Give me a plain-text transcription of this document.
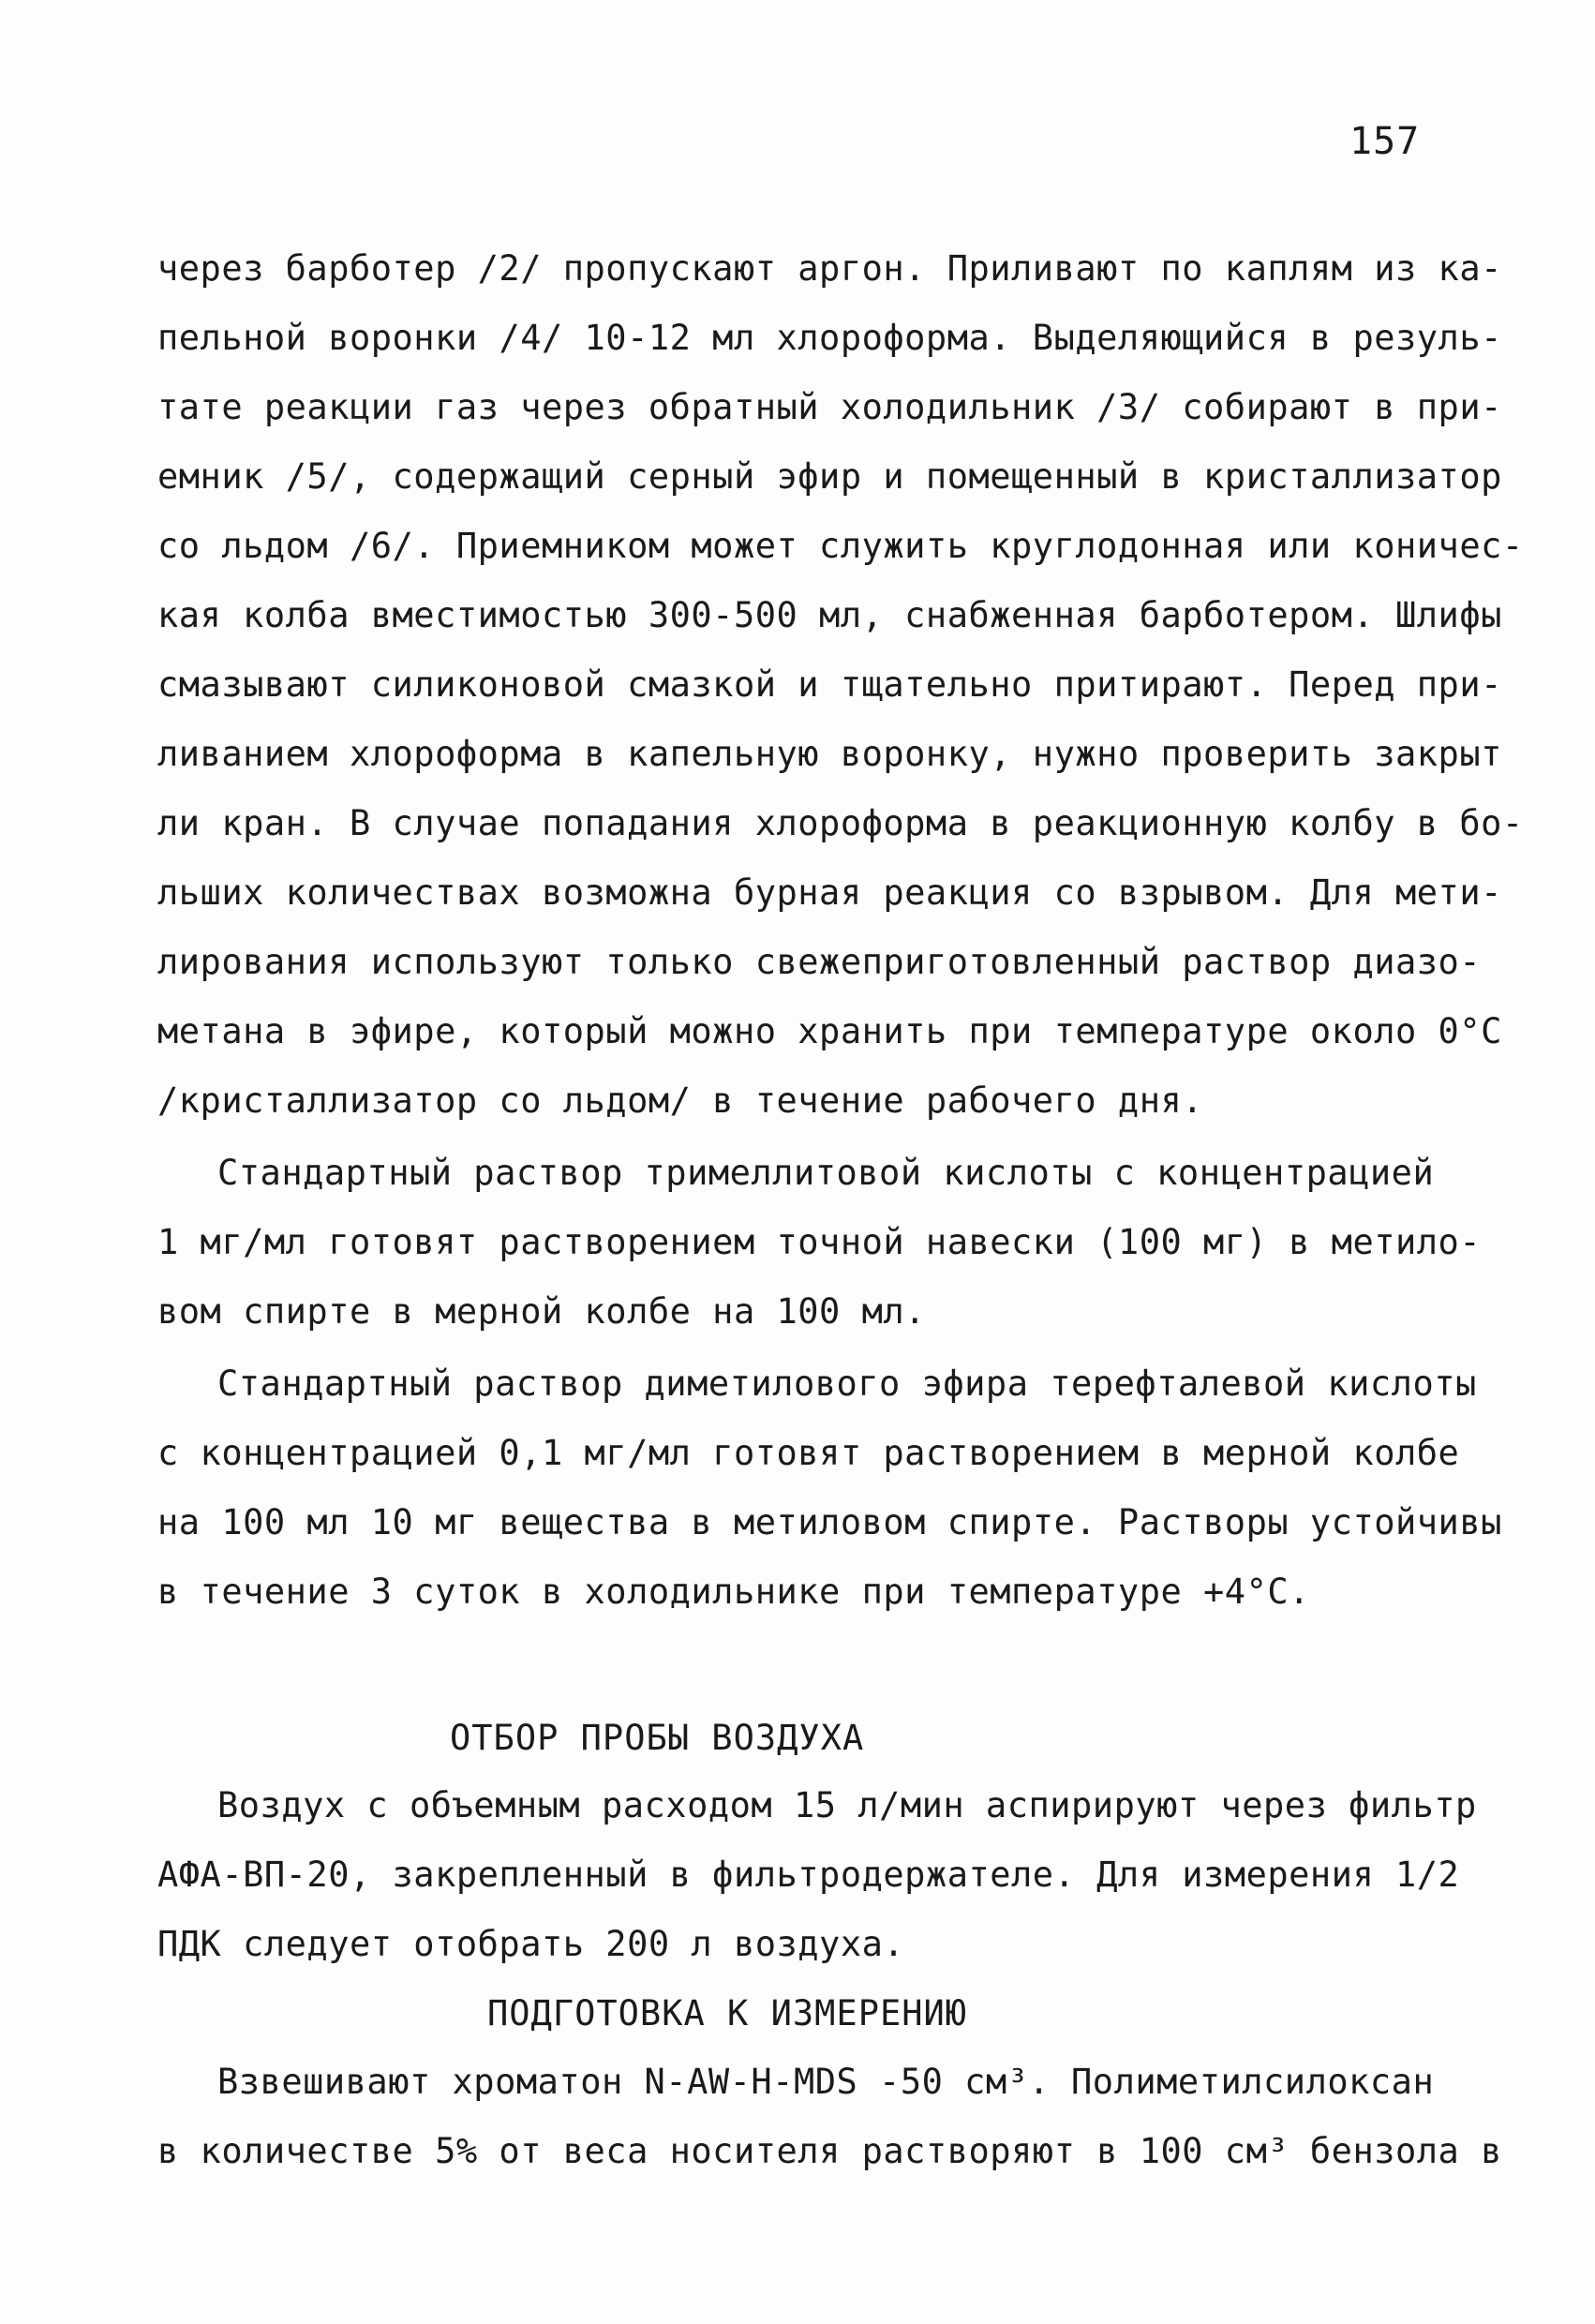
157
через барботер /2/ пропускают аргон. Приливают по каплям из ка-
пельной воронки /4/ 10-12 мл хлороформа. Выделяющийся в резуль-
тате реакции газ через обратный холодильник /3/ собирают в при-
емник /5/, содержащий серный эфир и помещенный в кристаллизатор
со льдом /6/. Приемником может служить круглодонная или коничес-
кая колба вместимостью 300-500 мл, снабженная барботером. Шлифы
смазывают силиконовой смазкой и тщательно притирают. Перед при-
ливанием хлороформа в капельную воронку, нужно проверить закрыт
ли кран. В случае попадания хлороформа в реакционную колбу в бо-
льших количествах возможна бурная реакция со взрывом. Для мети-
лирования используют только свежеприготовленный раствор диазо-
метана в эфире, который можно хранить при температуре около 0°С
/кристаллизатор со льдом/ в течение рабочего дня.
Стандартный раствор тримеллитовой кислоты с концентрацией
1 мг/мл готовят растворением точной навески (100 мг) в метило-
вом спирте в мерной колбе на 100 мл.
Стандартный раствор диметилового эфира терефталевой кислоты
с концентрацией 0,1 мг/мл готовят растворением в мерной колбе
на 100 мл 10 мг вещества в метиловом спирте. Растворы устойчивы
в течение 3 суток в холодильнике при температуре +4°С.
ОТБОР ПРОБЫ ВОЗДУХА
Воздух с объемным расходом 15 л/мин аспирируют через фильтр
АФА-ВП-20, закрепленный в фильтродержателе. Для измерения 1/2
ПДК следует отобрать 200 л воздуха.
ПОДГОТОВКА К ИЗМЕРЕНИЮ
Взвешивают хроматон N-AW-H-MDS -50 см³. Полиметилсилоксан
в количестве 5% от веса носителя растворяют в 100 см³ бензола в
